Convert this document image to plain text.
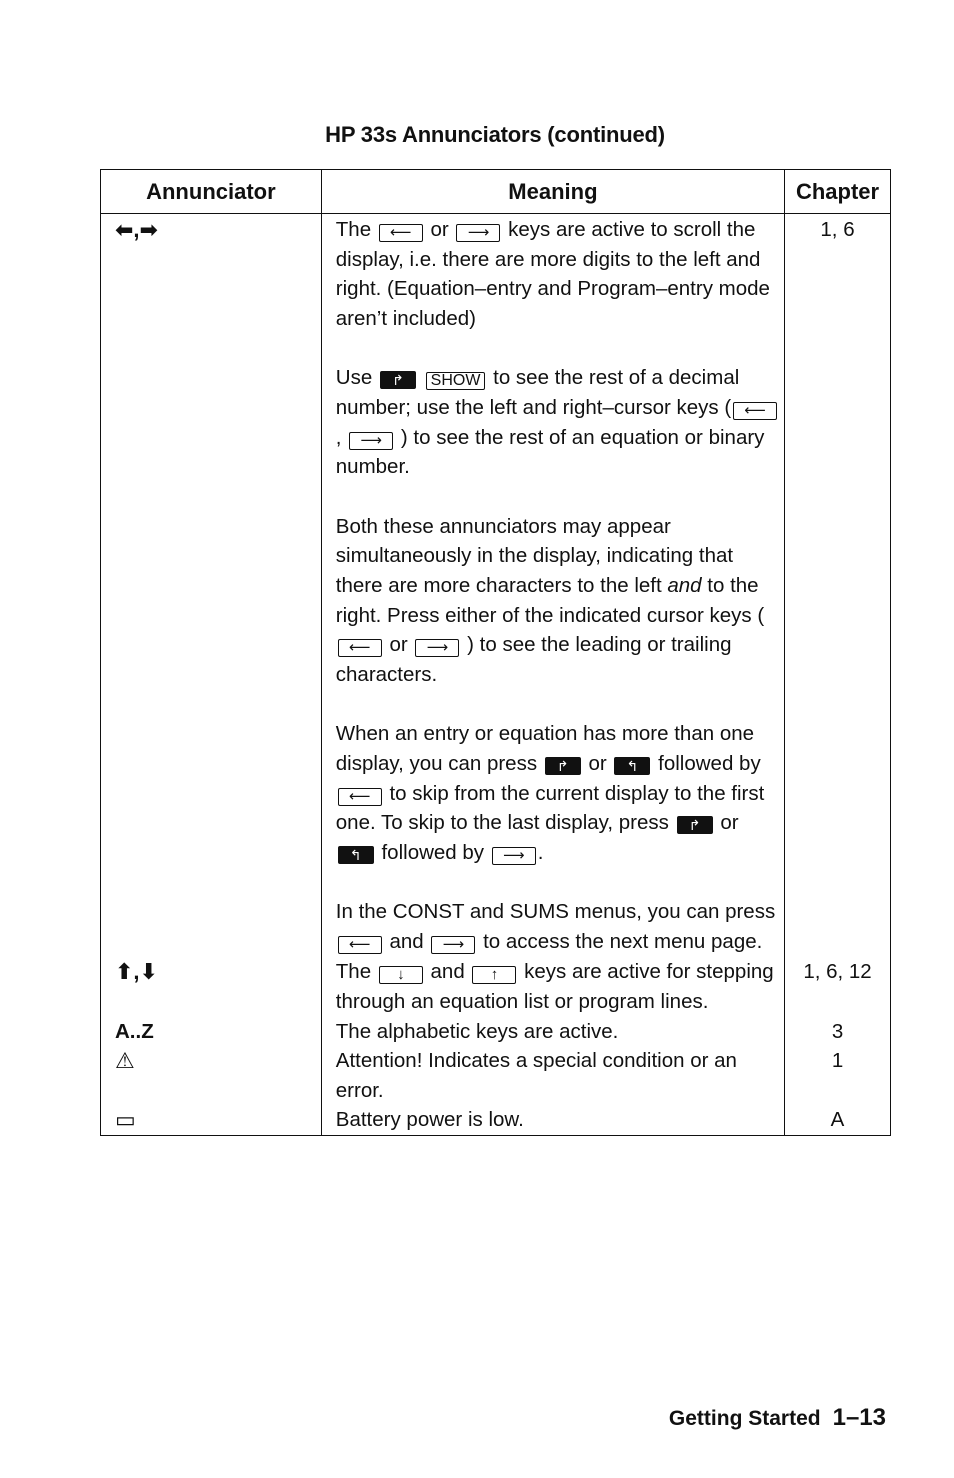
HP 33s Annunciators (continued)
Annunciator	Meaning	Chapter
⬅,➡	The ⟵ or ⟶ keys are active to scroll the display, i.e. there are more digits to the left and right. (Equation–entry and Program–entry mode aren’t included)

Use ↱ SHOW to see the rest of a decimal number; use the left and right–cursor keys ( ⟵, ⟶ ) to see the rest of an equation or binary number.

Both these annunciators may appear simultaneously in the display, indicating that there are more characters to the left and to the right. Press either of the indicated cursor keys (⟵ or ⟶ ) to see the leading or trailing characters.

When an entry or equation has more than one display, you can press ↱ or ↰ followed by ⟵ to skip from the current display to the first one. To skip to the last display, press ↱ or ↰ followed by ⟶ .

In the CONST and SUMS menus, you can press ⟵ and ⟶ to access the next menu page.	1, 6
⬆,⬇	The ↓ and ↑ keys are active for stepping through an equation list or program lines.	1, 6, 12
A..Z	The alphabetic keys are active.	3
⚠	Attention! Indicates a special condition or an error.	1
▭	Battery power is low.	A
Getting Started 1–13
